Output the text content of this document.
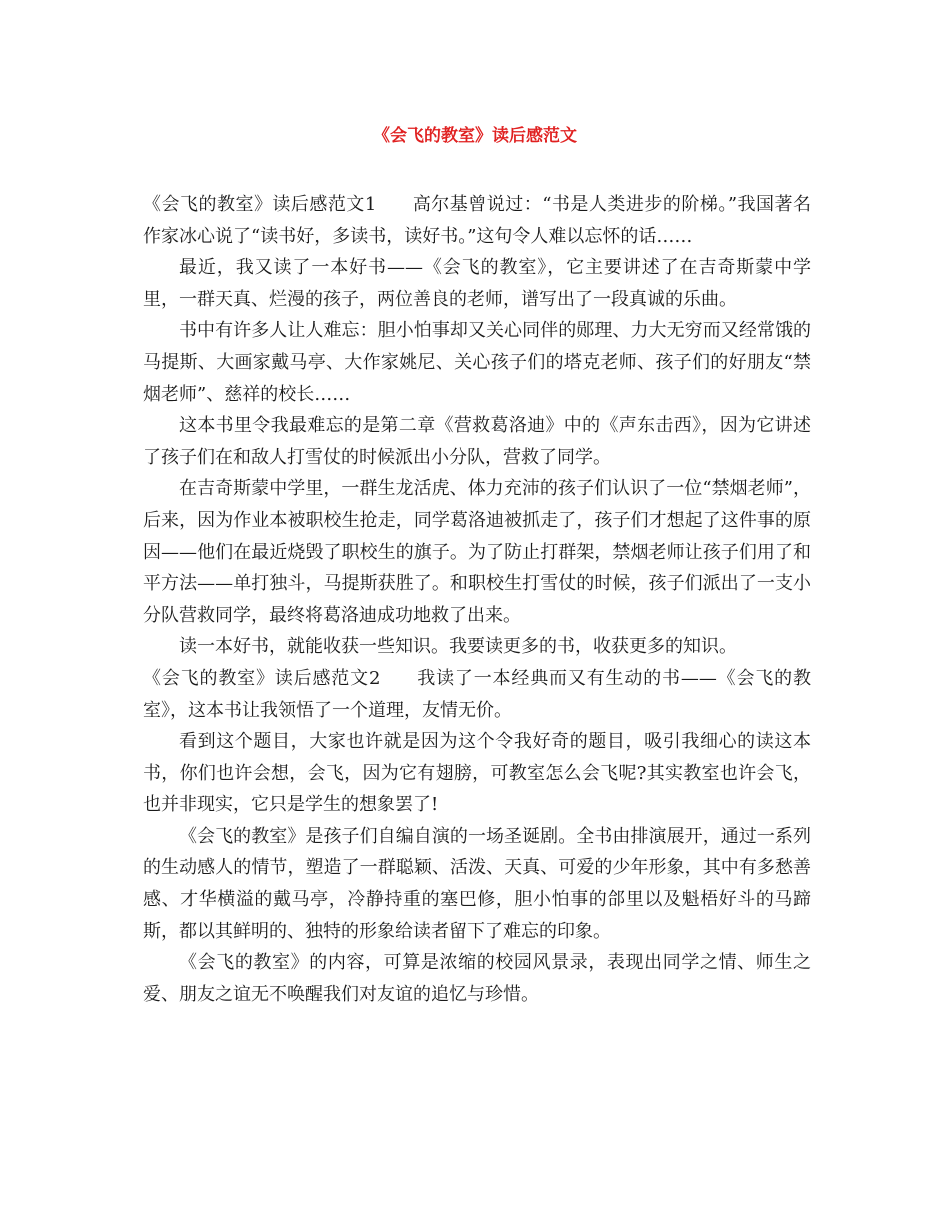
《会飞的教室》读后感范文

《会飞的教室》读后感范文1 高尔基曾说过：“书是人类进步的阶梯。”我国著名作家冰心说了“读书好，多读书，读好书。”这句令人难以忘怀的话……

最近，我又读了一本好书——《会飞的教室》，它主要讲述了在吉奇斯蒙中学里，一群天真、烂漫的孩子，两位善良的老师，谱写出了一段真诚的乐曲。

书中有许多人让人难忘：胆小怕事却又关心同伴的郧理、力大无穷而又经常饿的马提斯、大画家戴马亭、大作家姚尼、关心孩子们的塔克老师、孩子们的好朋友“禁烟老师”、慈祥的校长……

这本书里令我最难忘的是第二章《营救葛洛迪》中的《声东击西》，因为它讲述了孩子们在和敌人打雪仗的时候派出小分队，营救了同学。

在吉奇斯蒙中学里，一群生龙活虎、体力充沛的孩子们认识了一位“禁烟老师”，后来，因为作业本被职校生抢走，同学葛洛迪被抓走了，孩子们才想起了这件事的原因——他们在最近烧毁了职校生的旗子。为了防止打群架，禁烟老师让孩子们用了和平方法——单打独斗，马提斯获胜了。和职校生打雪仗的时候，孩子们派出了一支小分队营救同学，最终将葛洛迪成功地救了出来。

读一本好书，就能收获一些知识。我要读更多的书，收获更多的知识。

《会飞的教室》读后感范文2 我读了一本经典而又有生动的书——《会飞的教室》，这本书让我领悟了一个道理，友情无价。

看到这个题目，大家也许就是因为这个令我好奇的题目，吸引我细心的读这本书，你们也许会想，会飞，因为它有翅膀，可教室怎么会飞呢?其实教室也许会飞，也并非现实，它只是学生的想象罢了!

《会飞的教室》是孩子们自编自演的一场圣诞剧。全书由排演展开，通过一系列的生动感人的情节，塑造了一群聪颖、活泼、天真、可爱的少年形象，其中有多愁善感、才华横溢的戴马亭，冷静持重的塞巴修，胆小怕事的郃里以及魁梧好斗的马蹄斯，都以其鲜明的、独特的形象给读者留下了难忘的印象。

《会飞的教室》的内容，可算是浓缩的校园风景录，表现出同学之情、师生之爱、朋友之谊无不唤醒我们对友谊的追忆与珍惜。
